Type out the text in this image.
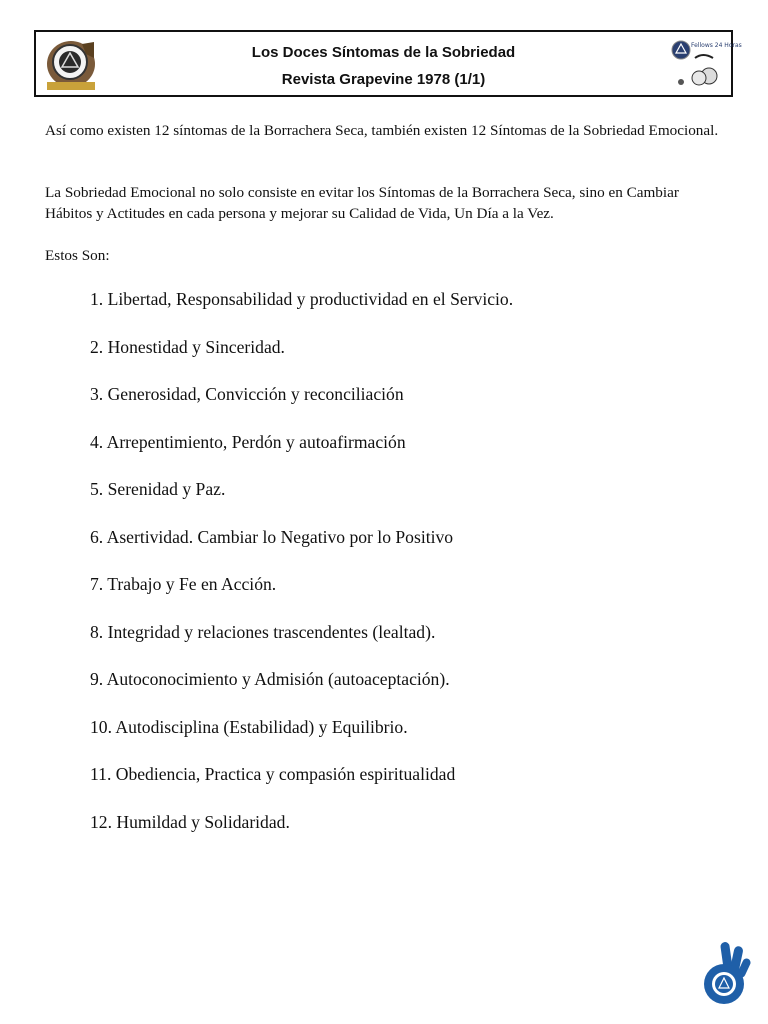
Los Doces Síntomas de la Sobriedad
Revista Grapevine 1978 (1/1)
Fellows 24 Horas

Así como existen 12 síntomas de la Borrachera Seca, también existen 12 Síntomas de la Sobriedad Emocional.

La Sobriedad Emocional no solo consiste en evitar los Síntomas de la Borrachera Seca, sino en Cambiar Hábitos y Actitudes en cada persona y mejorar su Calidad de Vida, Un Día a la Vez.

Estos Son:

1. Libertad, Responsabilidad y productividad en el Servicio.
2. Honestidad y Sinceridad.
3. Generosidad, Convicción y reconciliación
4. Arrepentimiento, Perdón y autoafirmación
5. Serenidad y Paz.
6. Asertividad. Cambiar lo Negativo por lo Positivo
7. Trabajo y Fe en Acción.
8. Integridad y relaciones trascendentes (lealtad).
9. Autoconocimiento y Admisión (autoaceptación).
10. Autodisciplina (Estabilidad) y Equilibrio.
11. Obediencia, Practica y compasión espiritualidad
12. Humildad y Solidaridad.
